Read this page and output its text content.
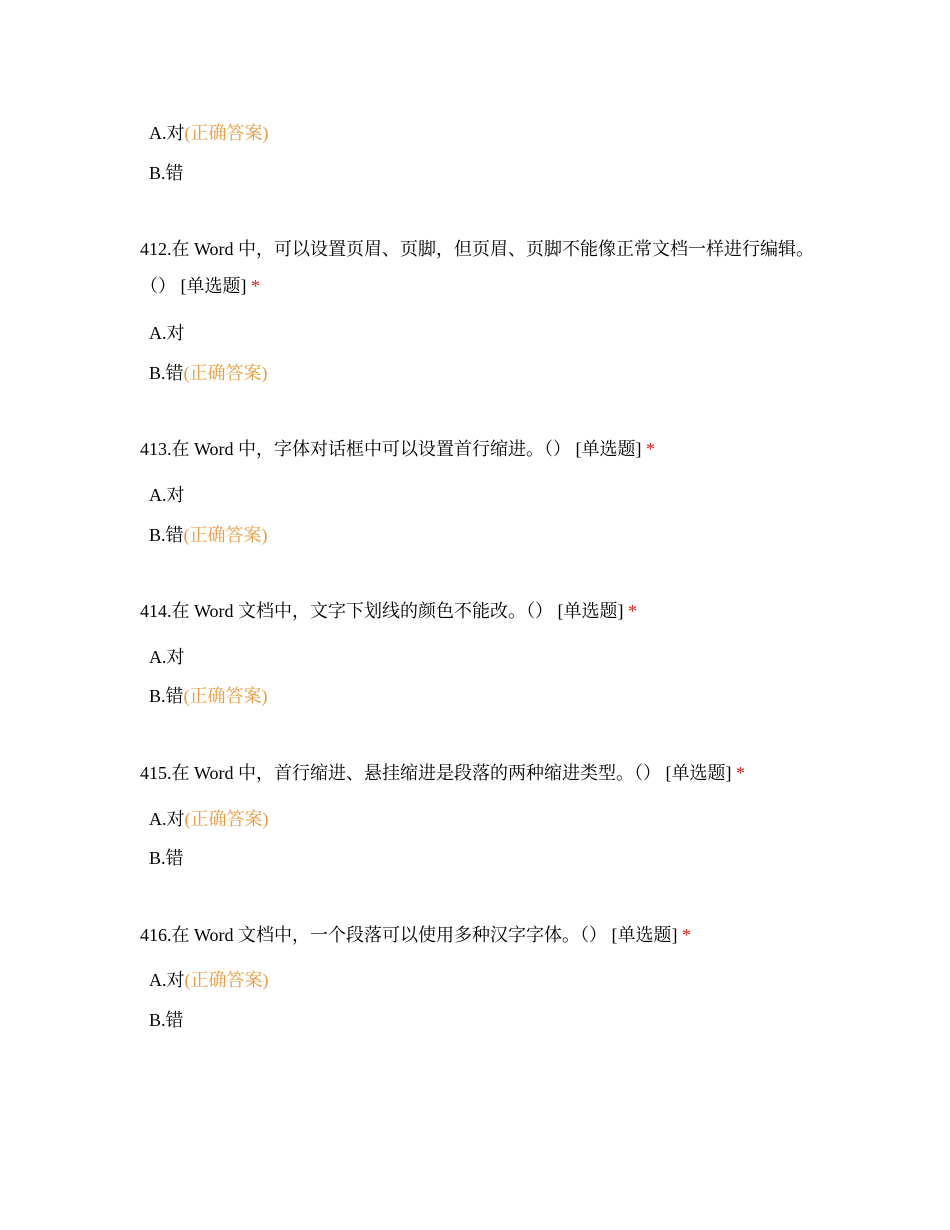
A.对(正确答案)
B.错
412.在 Word 中，可以设置页眉、页脚，但页眉、页脚不能像正常文档一样进行编辑。（） [单选题] *
A.对
B.错(正确答案)
413.在 Word 中，字体对话框中可以设置首行缩进。（） [单选题] *
A.对
B.错(正确答案)
414.在 Word 文档中，文字下划线的颜色不能改。（） [单选题] *
A.对
B.错(正确答案)
415.在 Word 中，首行缩进、悬挂缩进是段落的两种缩进类型。（） [单选题] *
A.对(正确答案)
B.错
416.在 Word 文档中，一个段落可以使用多种汉字字体。（） [单选题] *
A.对(正确答案)
B.错
